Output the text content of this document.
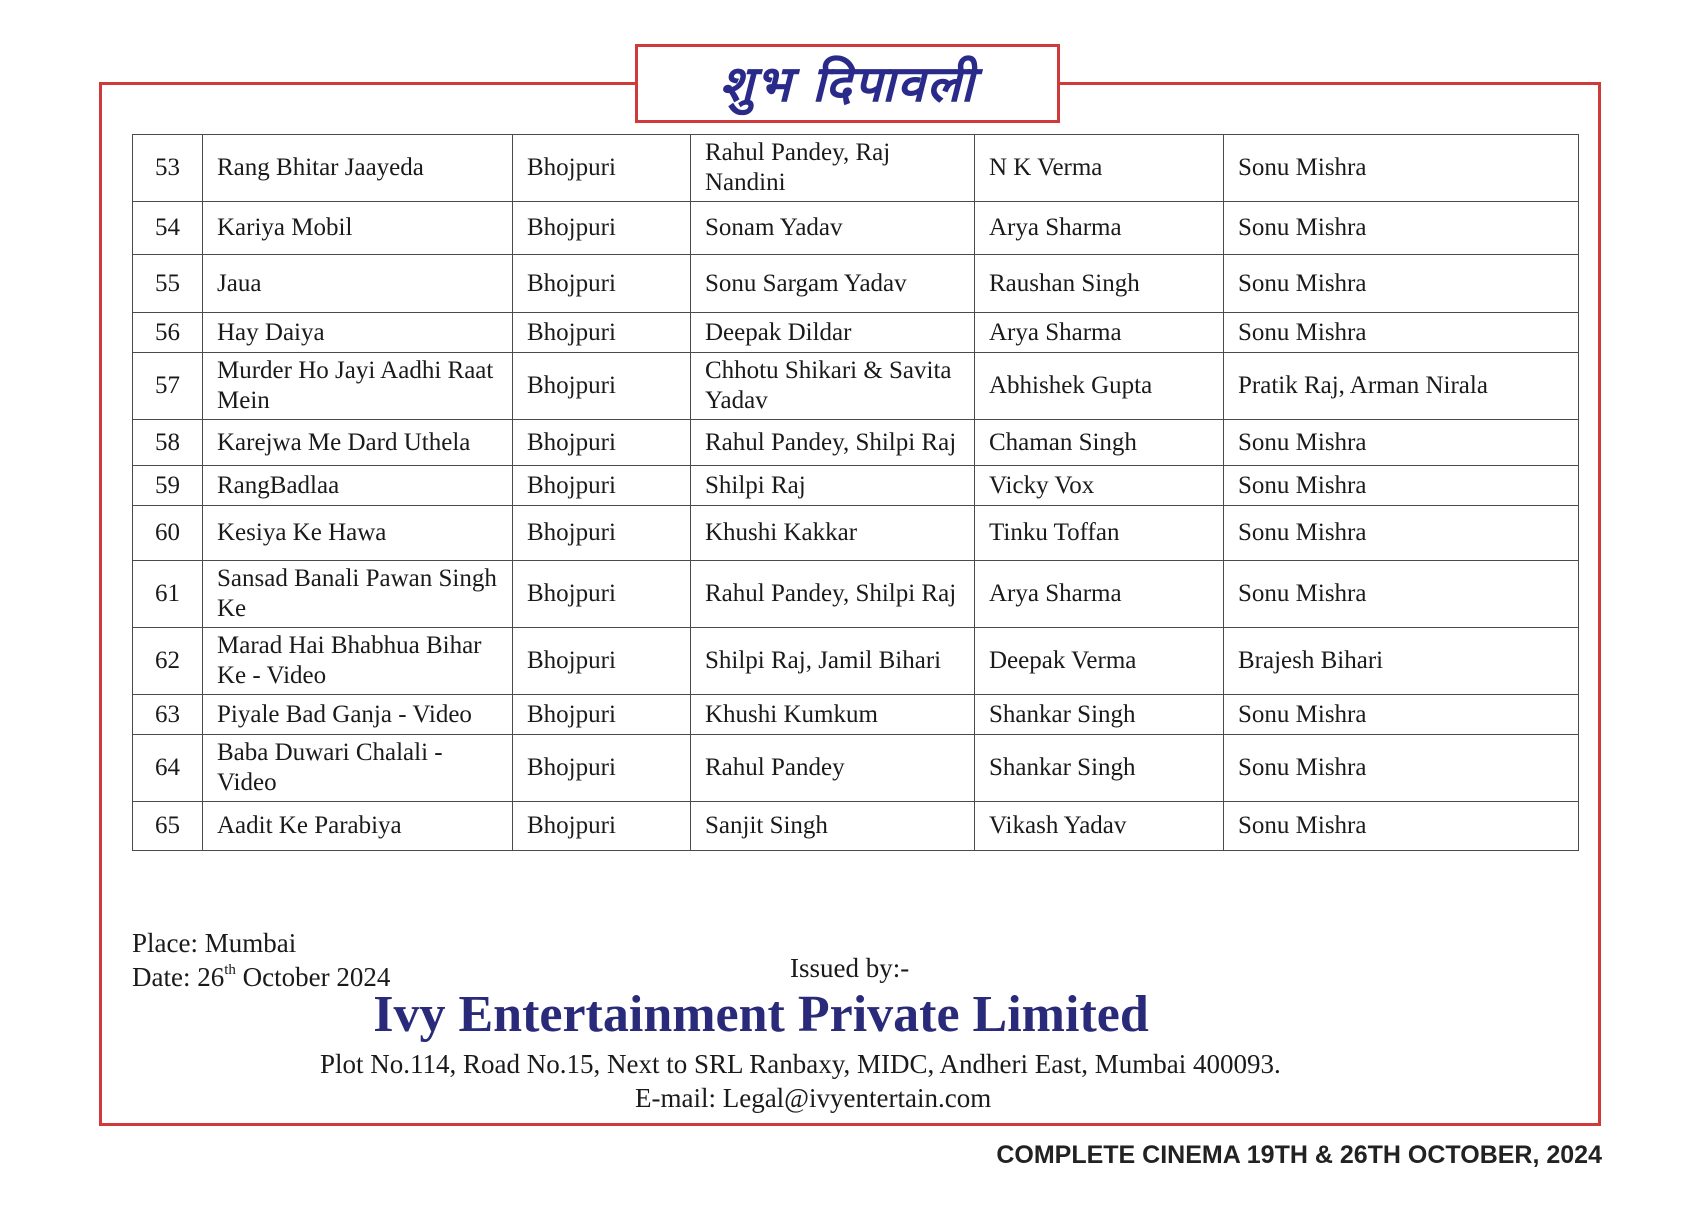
शुभ दिपावली
53	Rang Bhitar Jaayeda	Bhojpuri	Rahul Pandey, Raj Nandini	N K Verma	Sonu Mishra
54	Kariya Mobil	Bhojpuri	Sonam Yadav	Arya Sharma	Sonu Mishra
55	Jaua	Bhojpuri	Sonu Sargam Yadav	Raushan Singh	Sonu Mishra
56	Hay Daiya	Bhojpuri	Deepak Dildar	Arya Sharma	Sonu Mishra
57	Murder Ho Jayi Aadhi Raat Mein	Bhojpuri	Chhotu Shikari & Savita Yadav	Abhishek Gupta	Pratik Raj, Arman Nirala
58	Karejwa Me Dard Uthela	Bhojpuri	Rahul Pandey, Shilpi Raj	Chaman Singh	Sonu Mishra
59	RangBadlaa	Bhojpuri	Shilpi Raj	Vicky Vox	Sonu Mishra
60	Kesiya Ke Hawa	Bhojpuri	Khushi Kakkar	Tinku Toffan	Sonu Mishra
61	Sansad Banali Pawan Singh Ke	Bhojpuri	Rahul Pandey, Shilpi Raj	Arya Sharma	Sonu Mishra
62	Marad Hai Bhabhua Bihar Ke - Video	Bhojpuri	Shilpi Raj, Jamil Bihari	Deepak Verma	Brajesh Bihari
63	Piyale Bad Ganja - Video	Bhojpuri	Khushi Kumkum	Shankar Singh	Sonu Mishra
64	Baba Duwari Chalali - Video	Bhojpuri	Rahul Pandey	Shankar Singh	Sonu Mishra
65	Aadit Ke Parabiya	Bhojpuri	Sanjit Singh	Vikash Yadav	Sonu Mishra
Place: Mumbai
Date: 26th October 2024	Issued by:-
Ivy Entertainment Private Limited
Plot No.114, Road No.15, Next to SRL Ranbaxy, MIDC, Andheri East, Mumbai 400093.
E-mail: Legal@ivyentertain.com
COMPLETE CINEMA 19TH & 26TH OCTOBER, 2024
